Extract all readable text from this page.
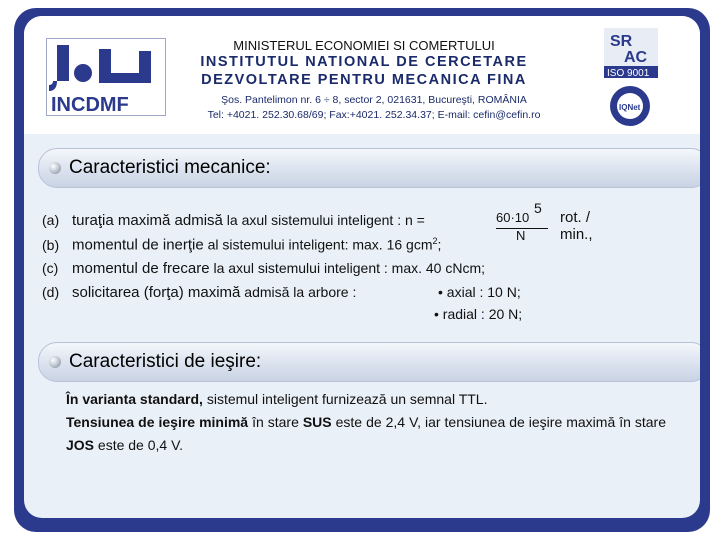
INCDMF
MINISTERUL ECONOMIEI SI COMERTULUI
INSTITUTUL NATIONAL DE CERCETARE
DEZVOLTARE PENTRU MECANICA FINA
Şos. Pantelimon nr. 6 ÷ 8, sector 2, 021631, Bucureşti, ROMÂNIA
Tel: +4021. 252.30.68/69; Fax:+4021. 252.34.37; E-mail: cefin@cefin.ro
SR
AC
ISO 9001
IQNet
Caracteristici mecanice:
(a) turaţia maximă admisă la axul sistemului inteligent : n =	60·10
5
N
rot. / min.,
(b) momentul de inerţie al sistemului inteligent: max. 16 gcm$^2$;
(c) momentul de frecare la axul sistemului inteligent : max. 40 cNcm;
(d) solicitarea (forţa) maximă admisă la arbore :	• axial : 10 N;
• radial : 20 N;
Caracteristici de ieşire:

În varianta standard, sistemul inteligent furnizează un semnal TTL.

Tensiunea de ieşire minimă în stare SUS este de 2,4 V, iar tensiunea de ieşire maximă în stare JOS este de 0,4 V.
